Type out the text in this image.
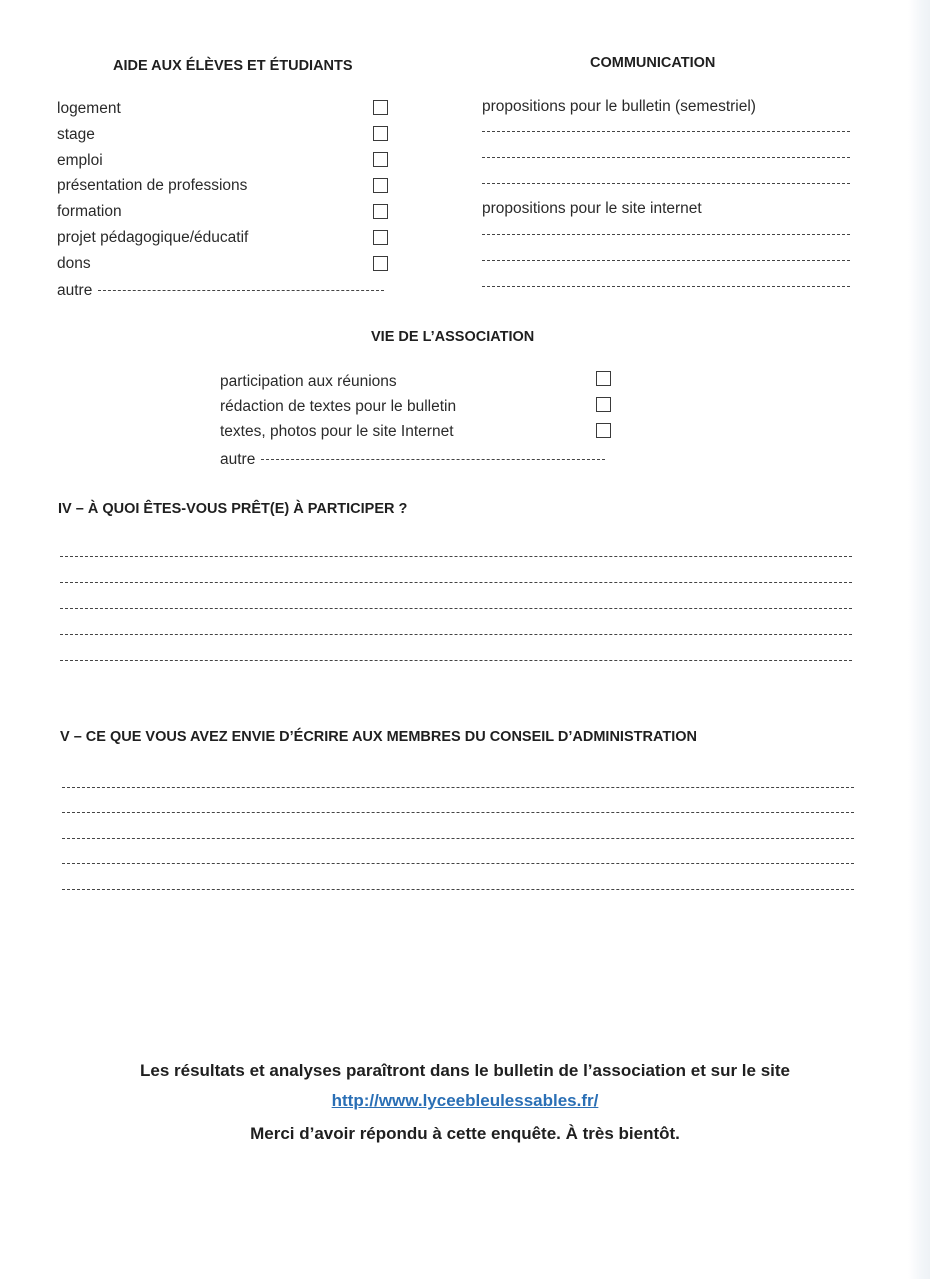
AIDE AUX ÉLÈVES ET ÉTUDIANTS
logement
stage
emploi
présentation de professions
formation
projet pédagogique/éducatif
dons
autre
COMMUNICATION
propositions pour le bulletin (semestriel)
propositions pour le site internet
VIE DE L’ASSOCIATION
participation aux réunions
rédaction de textes pour le bulletin
textes, photos pour le site Internet
autre
IV – À QUOI ÊTES-VOUS PRÊT(E) À PARTICIPER ?
V – CE QUE VOUS AVEZ ENVIE D’ÉCRIRE AUX MEMBRES DU CONSEIL D’ADMINISTRATION
Les résultats et analyses paraîtront dans le bulletin de l’association et sur le site
http://www.lyceebleulessables.fr/
Merci d’avoir répondu à cette enquête. À très bientôt.
